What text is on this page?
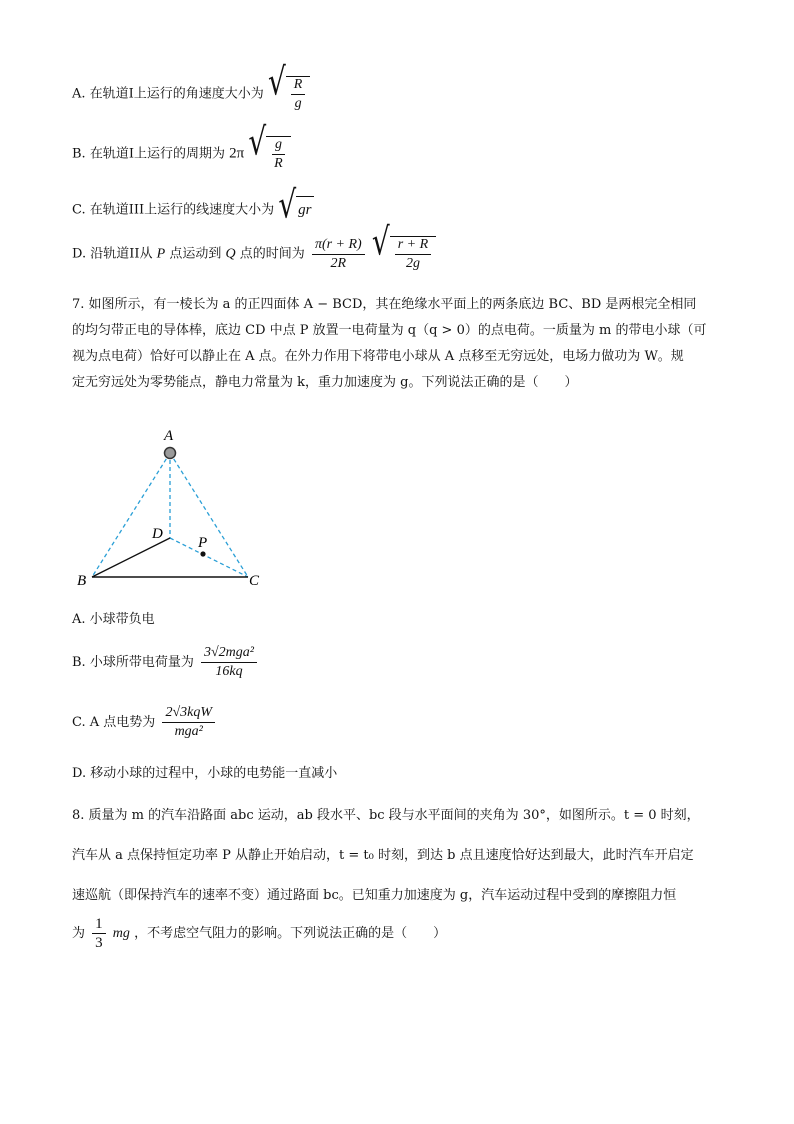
A. 在轨道I上运行的角速度大小为 √ $\frac{R}{g}$
B. 在轨道I上运行的周期为 2π √ $\frac{g}{R}$
C. 在轨道III上运行的线速度大小为 √ gr
D. 沿轨道II从 P 点运动到 Q 点的时间为 $\frac{\pi(r + R)}{2R}$
√ $\frac{r + R}{2g}$
7. 如图所示，有一棱长为 a 的正四面体 A − BCD，其在绝缘水平面上的两条底边 BC、BD 是两根完全相同
的均匀带正电的导体棒，底边 CD 中点 P 放置一电荷量为 q（q > 0）的点电荷。一质量为 m 的带电小球（可
视为点电荷）恰好可以静止在 A 点。在外力作用下将带电小球从 A 点移至无穷远处，电场力做功为 W。规
定无穷远处为零势能点，静电力常量为 k，重力加速度为 g。下列说法正确的是（　　）
A
B	C
D
P
A. 小球带负电
B. 小球所带电荷量为 $\frac{\text{3√2mga²}}{16kq}$
C. A 点电势为 $\frac{\text{2√3kqW}}{\text{mga²}}$
D. 移动小球的过程中，小球的电势能一直减小
8. 质量为 m 的汽车沿路面 abc 运动，ab 段水平、bc 段与水平面间的夹角为 30°，如图所示。t = 0 时刻，
汽车从 a 点保持恒定功率 P 从静止开始启动，t = t₀ 时刻，到达 b 点且速度恰好达到最大，此时汽车开启定
速巡航（即保持汽车的速率不变）通过路面 bc。已知重力加速度为 g，汽车运动过程中受到的摩擦阻力恒
为 $\frac{1}{3}$ mg ，不考虑空气阻力的影响。下列说法正确的是（　　）
